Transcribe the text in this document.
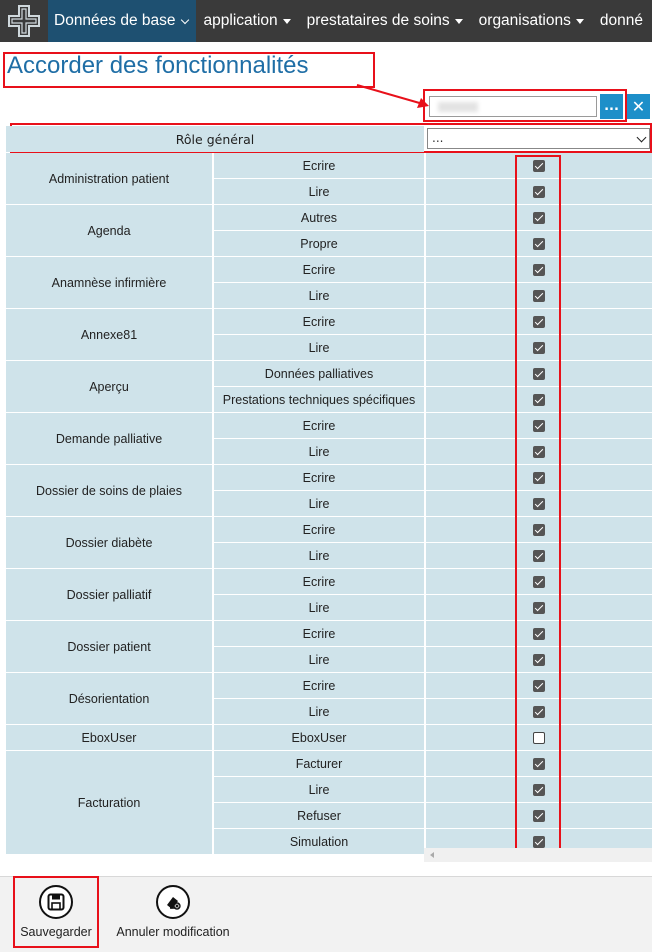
Données de base application prestataires de soins organisations donné
Accorder des fonctionnalités
... ✕
Rôle général	...
Administration patient
Ecrire
Lire
Agenda
Autres
Propre
Anamnèse infirmière
Ecrire
Lire
Annexe81
Ecrire
Lire
Aperçu
Données palliatives
Prestations techniques spécifiques
Demande palliative
Ecrire
Lire
Dossier de soins de plaies
Ecrire
Lire
Dossier diabète
Ecrire
Lire
Dossier palliatif
Ecrire
Lire
Dossier patient
Ecrire
Lire
Désorientation
Ecrire
Lire
EboxUser	EboxUser
Facturation
Facturer
Lire
Refuser
Simulation
Sauvegarder Annuler modification
